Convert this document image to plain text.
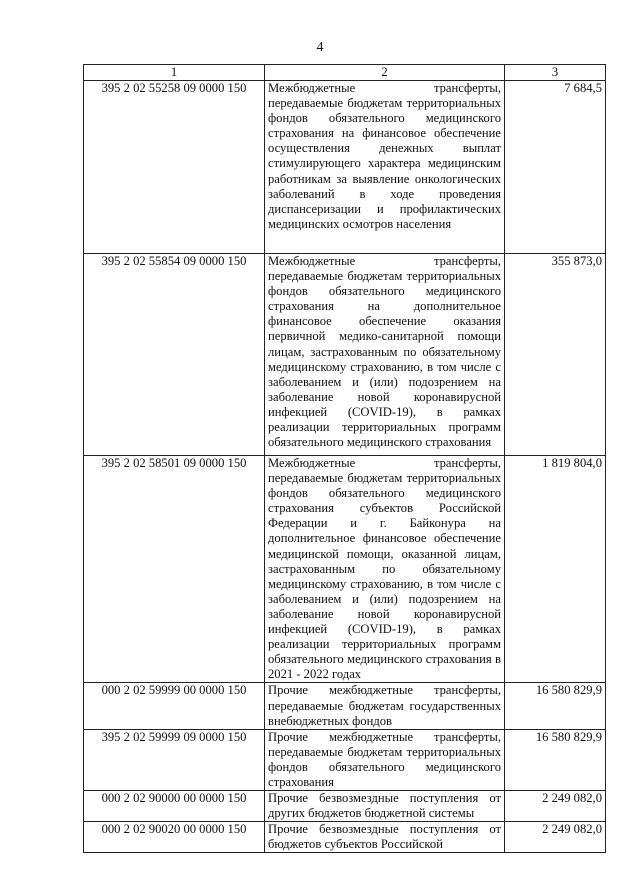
4
1	2	3
395 2 02 55258 09 0000 150	Межбюджетные трансферты, передаваемые бюджетам территориальных фондов обязательного медицинского страхования на финансовое обеспечение осуществления денежных выплат стимулирующего характера медицинским работникам за выявление онкологических заболеваний в ходе проведения диспансеризации и профилактических медицинских осмотров населения	7 684,5
395 2 02 55854 09 0000 150	Межбюджетные трансферты, передаваемые бюджетам территориальных фондов обязательного медицинского страхования на дополнительное финансовое обеспечение оказания первичной медико-санитарной помощи лицам, застрахованным по обязательному медицинскому страхованию, в том числе с заболеванием и (или) подозрением на заболевание новой коронавирусной инфекцией (COVID-19), в рамках реализации территориальных программ обязательного медицинского страхования	355 873,0
395 2 02 58501 09 0000 150	Межбюджетные трансферты, передаваемые бюджетам территориальных фондов обязательного медицинского страхования субъектов Российской Федерации и г. Байконура на дополнительное финансовое обеспечение медицинской помощи, оказанной лицам, застрахованным по обязательному медицинскому страхованию, в том числе с заболеванием и (или) подозрением на заболевание новой коронавирусной инфекцией (COVID-19), в рамках реализации территориальных программ обязательного медицинского страхования в 2021 - 2022 годах	1 819 804,0
000 2 02 59999 00 0000 150	Прочие межбюджетные трансферты, передаваемые бюджетам государственных внебюджетных фондов	16 580 829,9
395 2 02 59999 09 0000 150	Прочие межбюджетные трансферты, передаваемые бюджетам территориальных фондов обязательного медицинского страхования	16 580 829,9
000 2 02 90000 00 0000 150	Прочие безвозмездные поступления от других бюджетов бюджетной системы	2 249 082,0
000 2 02 90020 00 0000 150	Прочие безвозмездные поступления от бюджетов субъектов Российской	2 249 082,0
